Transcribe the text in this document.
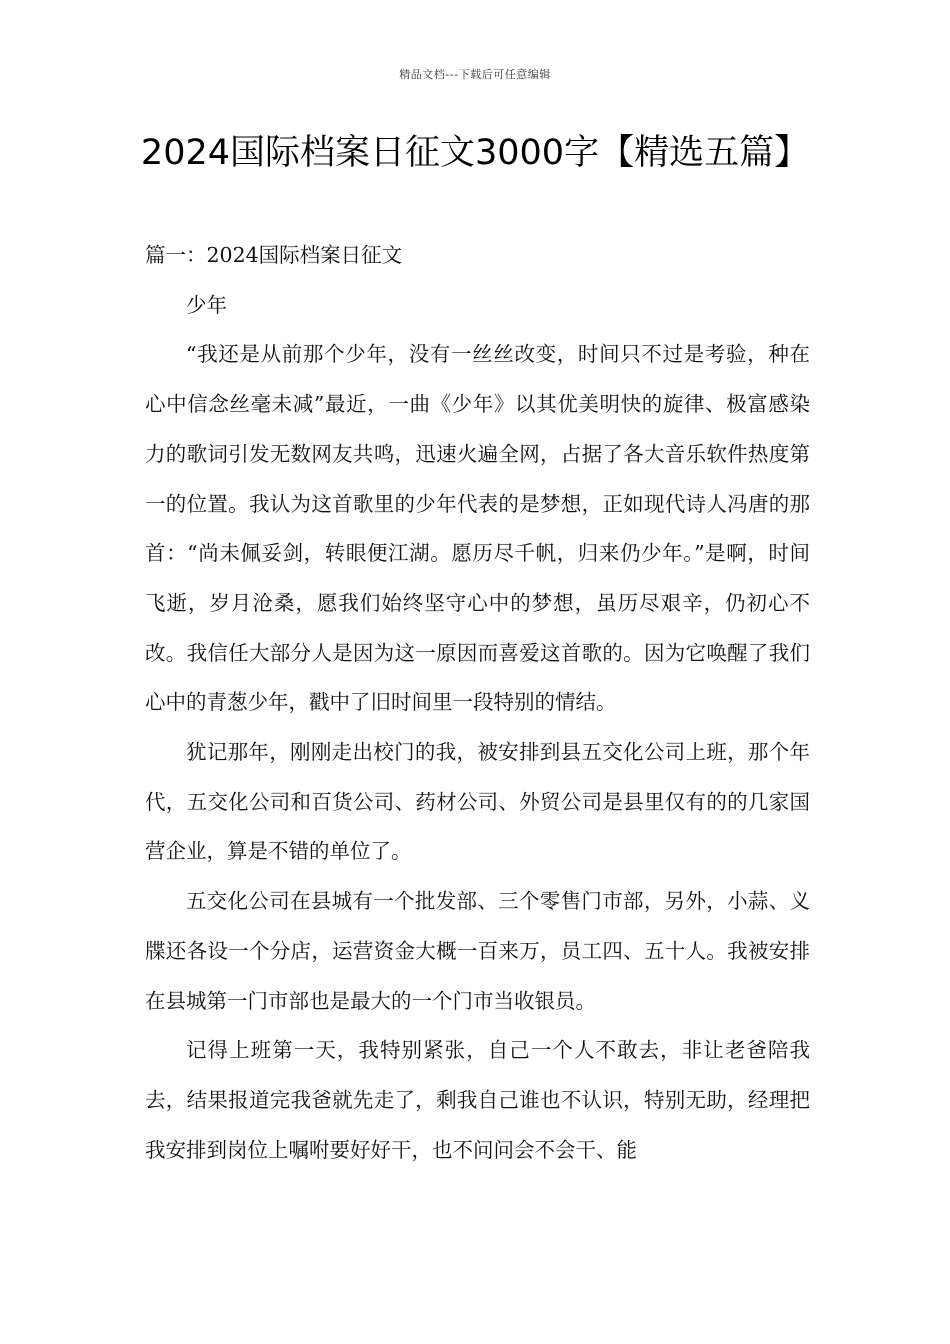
精品文档---下载后可任意编辑
2024国际档案日征文3000字【精选五篇】

篇一：2024国际档案日征文

少年

“我还是从前那个少年，没有一丝丝改变，时间只不过是考验，种在心中信念丝毫未减”最近，一曲《少年》以其优美明快的旋律、极富感染力的歌词引发无数网友共鸣，迅速火遍全网，占据了各大音乐软件热度第一的位置。我认为这首歌里的少年代表的是梦想，正如现代诗人冯唐的那首：“尚未佩妥剑，转眼便江湖。愿历尽千帆，归来仍少年。”是啊，时间飞逝，岁月沧桑，愿我们始终坚守心中的梦想，虽历尽艰辛，仍初心不改。我信任大部分人是因为这一原因而喜爱这首歌的。因为它唤醒了我们心中的青葱少年，戳中了旧时间里一段特别的情结。

犹记那年，刚刚走出校门的我，被安排到县五交化公司上班，那个年代，五交化公司和百货公司、药材公司、外贸公司是县里仅有的的几家国营企业，算是不错的单位了。

五交化公司在县城有一个批发部、三个零售门市部，另外，小蒜、义牒还各设一个分店，运营资金大概一百来万，员工四、五十人。我被安排在县城第一门市部也是最大的一个门市当收银员。

记得上班第一天，我特别紧张，自己一个人不敢去，非让老爸陪我去，结果报道完我爸就先走了，剩我自己谁也不认识，特别无助，经理把我安排到岗位上嘱咐要好好干，也不问问会不会干、能
